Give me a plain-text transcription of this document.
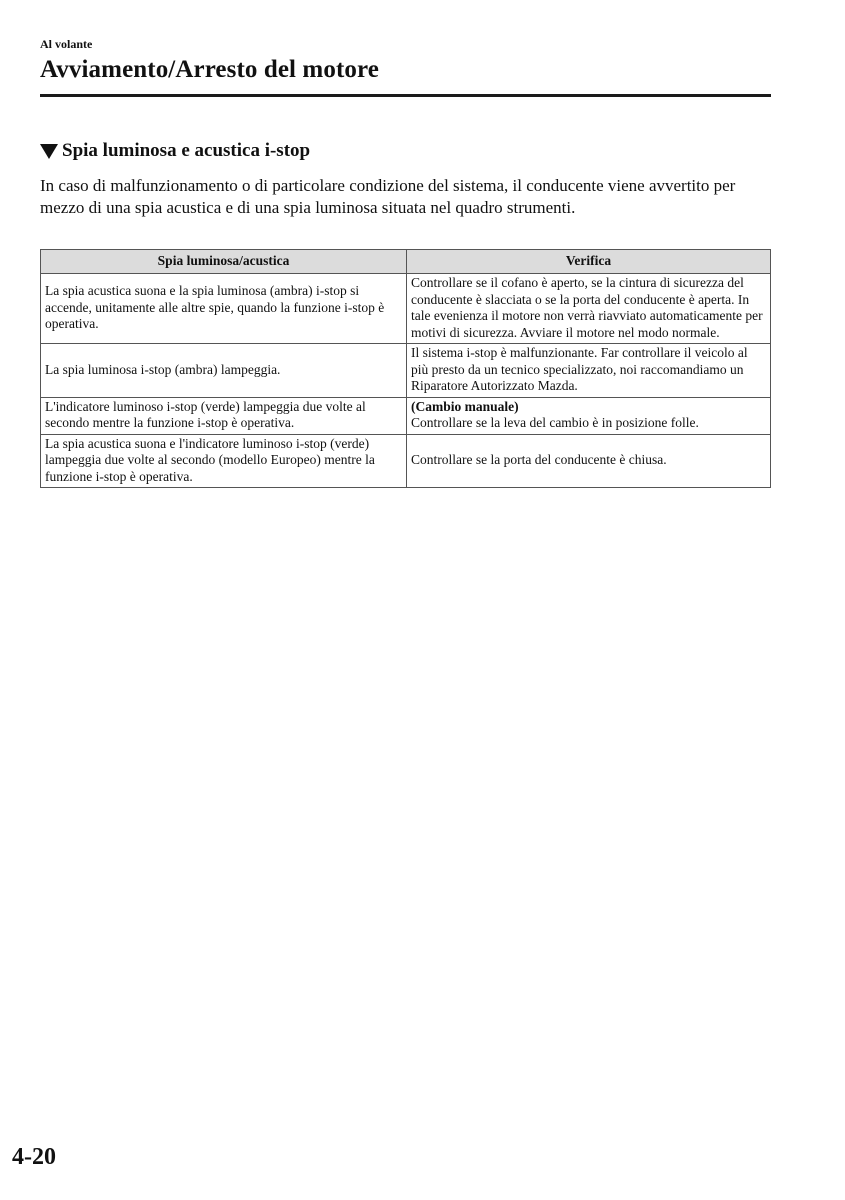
Al volante
Avviamento/Arresto del motore
Spia luminosa e acustica i-stop

In caso di malfunzionamento o di particolare condizione del sistema, il conducente viene avvertito per mezzo di una spia acustica e di una spia luminosa situata nel quadro strumenti.

Spia luminosa/acustica	Verifica
La spia acustica suona e la spia luminosa (ambra) i-stop si accende, unitamente alle altre spie, quando la funzione i-stop è operativa.	Controllare se il cofano è aperto, se la cintura di sicurezza del conducente è slacciata o se la porta del conducente è aperta. In tale evenienza il motore non verrà riavviato automaticamente per motivi di sicurezza. Avviare il motore nel modo normale.
La spia luminosa i-stop (ambra) lampeggia.	Il sistema i-stop è malfunzionante. Far controllare il veicolo al più presto da un tecnico specializzato, noi raccomandiamo un Riparatore Autorizzato Mazda.
L'indicatore luminoso i-stop (verde) lampeggia due volte al secondo mentre la funzione i-stop è operativa.	(Cambio manuale)
Controllare se la leva del cambio è in posizione folle.
La spia acustica suona e l'indicatore luminoso i-stop (verde) lampeggia due volte al secondo (modello Europeo) mentre la funzione i-stop è operativa.	Controllare se la porta del conducente è chiusa.
4-20
